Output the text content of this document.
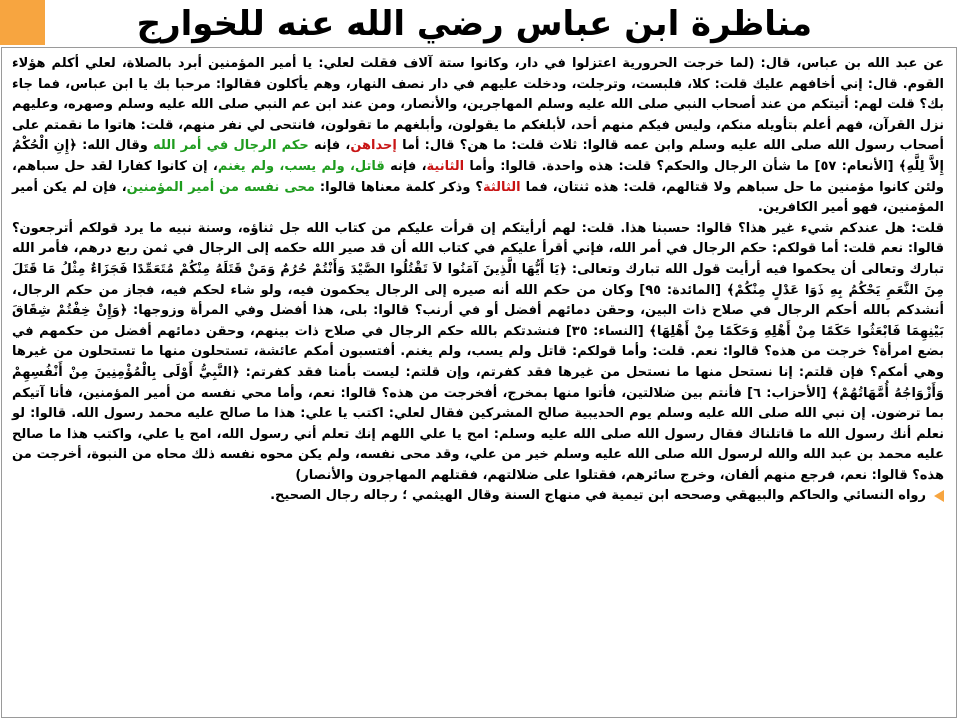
مناظرة ابن عباس رضي الله عنه للخوارج
عن عبد الله بن عباس، قال: (لما خرجت الحرورية اعتزلوا في دار، وكانوا ستة آلاف فقلت لعلي: يا أمير المؤمنين أبرد بالصلاة، لعلي أكلم هؤلاء القوم. قال: إني أخافهم عليك قلت: كلا، فلبست، وترجلت، ودخلت عليهم في دار نصف النهار، وهم يأكلون فقالوا: مرحبا بك يا ابن عباس، فما جاء بك؟ قلت لهم: أتيتكم من عند أصحاب النبي صلى الله عليه وسلم المهاجرين، والأنصار، ومن عند ابن عم النبي صلى الله عليه وسلم وصهره، وعليهم نزل القرآن، فهم أعلم بتأويله منكم، وليس فيكم منهم أحد، لأبلغكم ما يقولون، وأبلغهم ما تقولون، فانتحى لي نفر منهم، قلت: هاتوا ما نقمتم على أصحاب رسول الله صلى الله عليه وسلم وابن عمه قالوا: ثلاث قلت: ما هن؟ قال: أما إحداهن، فإنه حكم الرجال في أمر الله وقال الله: ﴿إِنِ الْحُكْمُ إِلاَّ لِلَّهِ﴾ [الأنعام: ٥٧] ما شأن الرجال والحكم؟ قلت: هذه واحدة. قالوا: وأما الثانية، فإنه قاتل، ولم يسب، ولم يغنم، إن كانوا كفارا لقد حل سباهم، ولئن كانوا مؤمنين ما حل سباهم ولا قتالهم، قلت: هذه ثنتان، فما الثالثة؟ وذكر كلمة معناها قالوا: محى نفسه من أمير المؤمنين، فإن لم يكن أمير المؤمنين، فهو أمير الكافرين.
قلت: هل عندكم شيء غير هذا؟ قالوا: حسبنا هذا. قلت: لهم أرأيتكم إن قرأت عليكم من كتاب الله جل ثناؤه، وسنة نبيه ما يرد قولكم أترجعون؟ قالوا: نعم قلت: أما قولكم: حكم الرجال في أمر الله، فإني أقرأ عليكم في كتاب الله أن قد صير الله حكمه إلى الرجال في ثمن ربع درهم، فأمر الله تبارك وتعالى أن يحكموا فيه أرأيت قول الله تبارك وتعالى: ﴿يَا أَيُّهَا الَّذِينَ آمَنُوا لاَ تَقْتُلُوا الصَّيْدَ وَأَنْتُمْ حُرُمٌ وَمَنْ قَتَلَهُ مِنْكُمْ مُتَعَمِّدًا فَجَزَاءٌ مِثْلُ مَا قَتَلَ مِنَ النَّعَمِ يَحْكُمُ بِهِ ذَوَا عَدْلٍ مِنْكُمْ﴾ [المائدة: ٩٥] وكان من حكم الله أنه صيره إلى الرجال يحكمون فيه، ولو شاء لحكم فيه، فجاز من حكم الرجال، أنشدكم بالله أحكم الرجال في صلاح ذات البين، وحقن دمائهم أفضل أو في أرنب؟ قالوا: بلى، هذا أفضل وفي المرأة وزوجها: ﴿وَإِنْ خِفْتُمْ شِقَاقَ بَيْنِهِمَا فَابْعَثُوا حَكَمًا مِنْ أَهْلِهِ وَحَكَمًا مِنْ أَهْلِهَا﴾ [النساء: ٣٥] فنشدتكم بالله حكم الرجال في صلاح ذات بينهم، وحقن دمائهم أفضل من حكمهم في بضع امرأة؟ خرجت من هذه؟ قالوا: نعم. قلت: وأما قولكم: قاتل ولم يسب، ولم يغنم. أفتسبون أمكم عائشة، تستحلون منها ما تستحلون من غيرها وهي أمكم؟ فإن قلتم: إنا نستحل منها ما نستحل من غيرها فقد كفرتم، وإن قلتم: ليست بأمنا فقد كفرتم: ﴿النَّبِيُّ أَوْلَى بِالْمُؤْمِنِينَ مِنْ أَنْفُسِهِمْ وَأَزْوَاجُهُ أُمَّهَاتُهُمْ﴾ [الأحزاب: ٦] فأنتم بين ضلالتين، فأتوا منها بمخرج، أفخرجت من هذه؟ قالوا: نعم، وأما محي نفسه من أمير المؤمنين، فأنا آتيكم بما ترضون. إن نبي الله صلى الله عليه وسلم يوم الحديبية صالح المشركين فقال لعلي: اكتب يا علي: هذا ما صالح عليه محمد رسول الله. قالوا: لو نعلم أنك رسول الله ما قاتلناك فقال رسول الله صلى الله عليه وسلم: امح يا علي اللهم إنك تعلم أني رسول الله، امح يا علي، واكتب هذا ما صالح عليه محمد بن عبد الله والله لرسول الله صلى الله عليه وسلم خير من علي، وقد محى نفسه، ولم يكن محوه نفسه ذلك محاه من النبوة، أخرجت من هذه؟ قالوا: نعم، فرجع منهم ألفان، وخرج سائرهم، فقتلوا على ضلالتهم، فقتلهم المهاجرون والأنصار)
رواه النسائي والحاكم والبيهقي وصححه ابن تيمية في منهاج السنة وقال الهيثمي ؛ رجاله رجال الصحيح.
